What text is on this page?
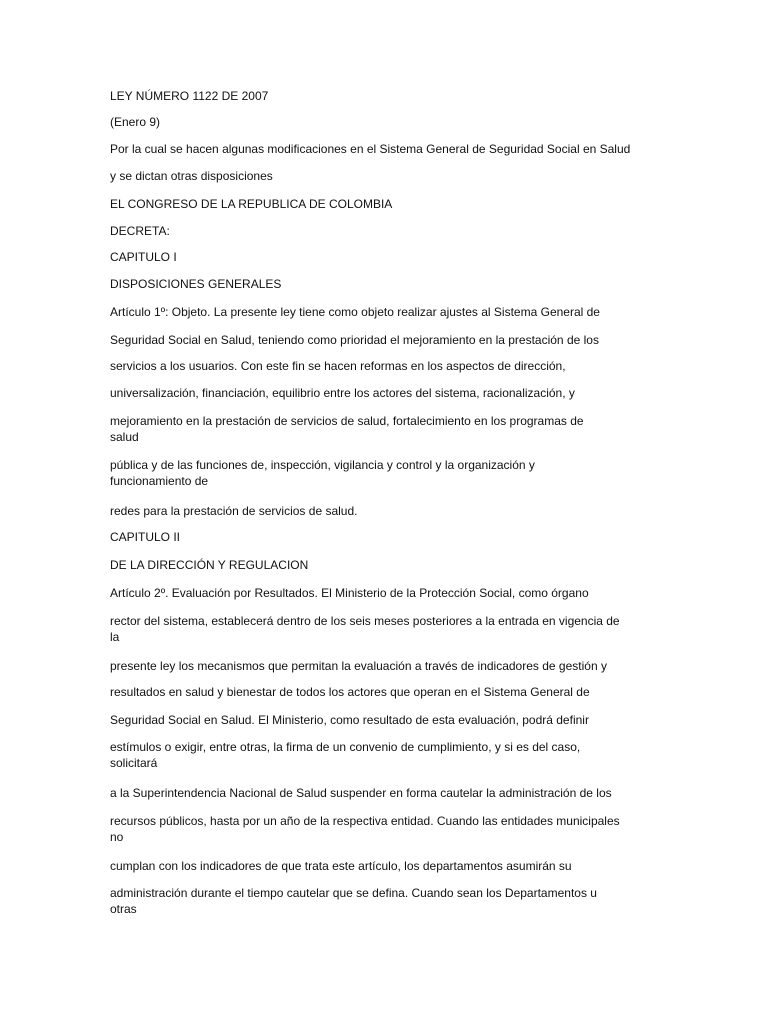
LEY NÚMERO 1122 DE 2007

(Enero 9)

Por la cual se hacen algunas modificaciones en el Sistema General de Seguridad Social en Salud

y se dictan otras disposiciones

EL CONGRESO DE LA REPUBLICA DE COLOMBIA

DECRETA:

CAPITULO I

DISPOSICIONES GENERALES

Artículo 1º: Objeto. La presente ley tiene como objeto realizar ajustes al Sistema General de

Seguridad Social en Salud, teniendo como prioridad el mejoramiento en la prestación de los

servicios a los usuarios. Con este fin se hacen reformas en los aspectos de dirección,

universalización, financiación, equilibrio entre los actores del sistema, racionalización, y

mejoramiento en la prestación de servicios de salud, fortalecimiento en los programas de
salud

pública y de las funciones de, inspección, vigilancia y control y la organización y
funcionamiento de

redes para la prestación de servicios de salud.

CAPITULO II

DE LA DIRECCIÓN Y REGULACION

Artículo 2º. Evaluación por Resultados. El Ministerio de la Protección Social, como órgano

rector del sistema, establecerá dentro de los seis meses posteriores a la entrada en vigencia de
la

presente ley los mecanismos que permitan la evaluación a través de indicadores de gestión y

resultados en salud y bienestar de todos los actores que operan en el Sistema General de

Seguridad Social en Salud. El Ministerio, como resultado de esta evaluación, podrá definir

estímulos o exigir, entre otras, la firma de un convenio de cumplimiento, y si es del caso,
solicitará

a la Superintendencia Nacional de Salud suspender en forma cautelar la administración de los

recursos públicos, hasta por un año de la respectiva entidad. Cuando las entidades municipales
no

cumplan con los indicadores de que trata este artículo, los departamentos asumirán su

administración durante el tiempo cautelar que se defina. Cuando sean los Departamentos u
otras
